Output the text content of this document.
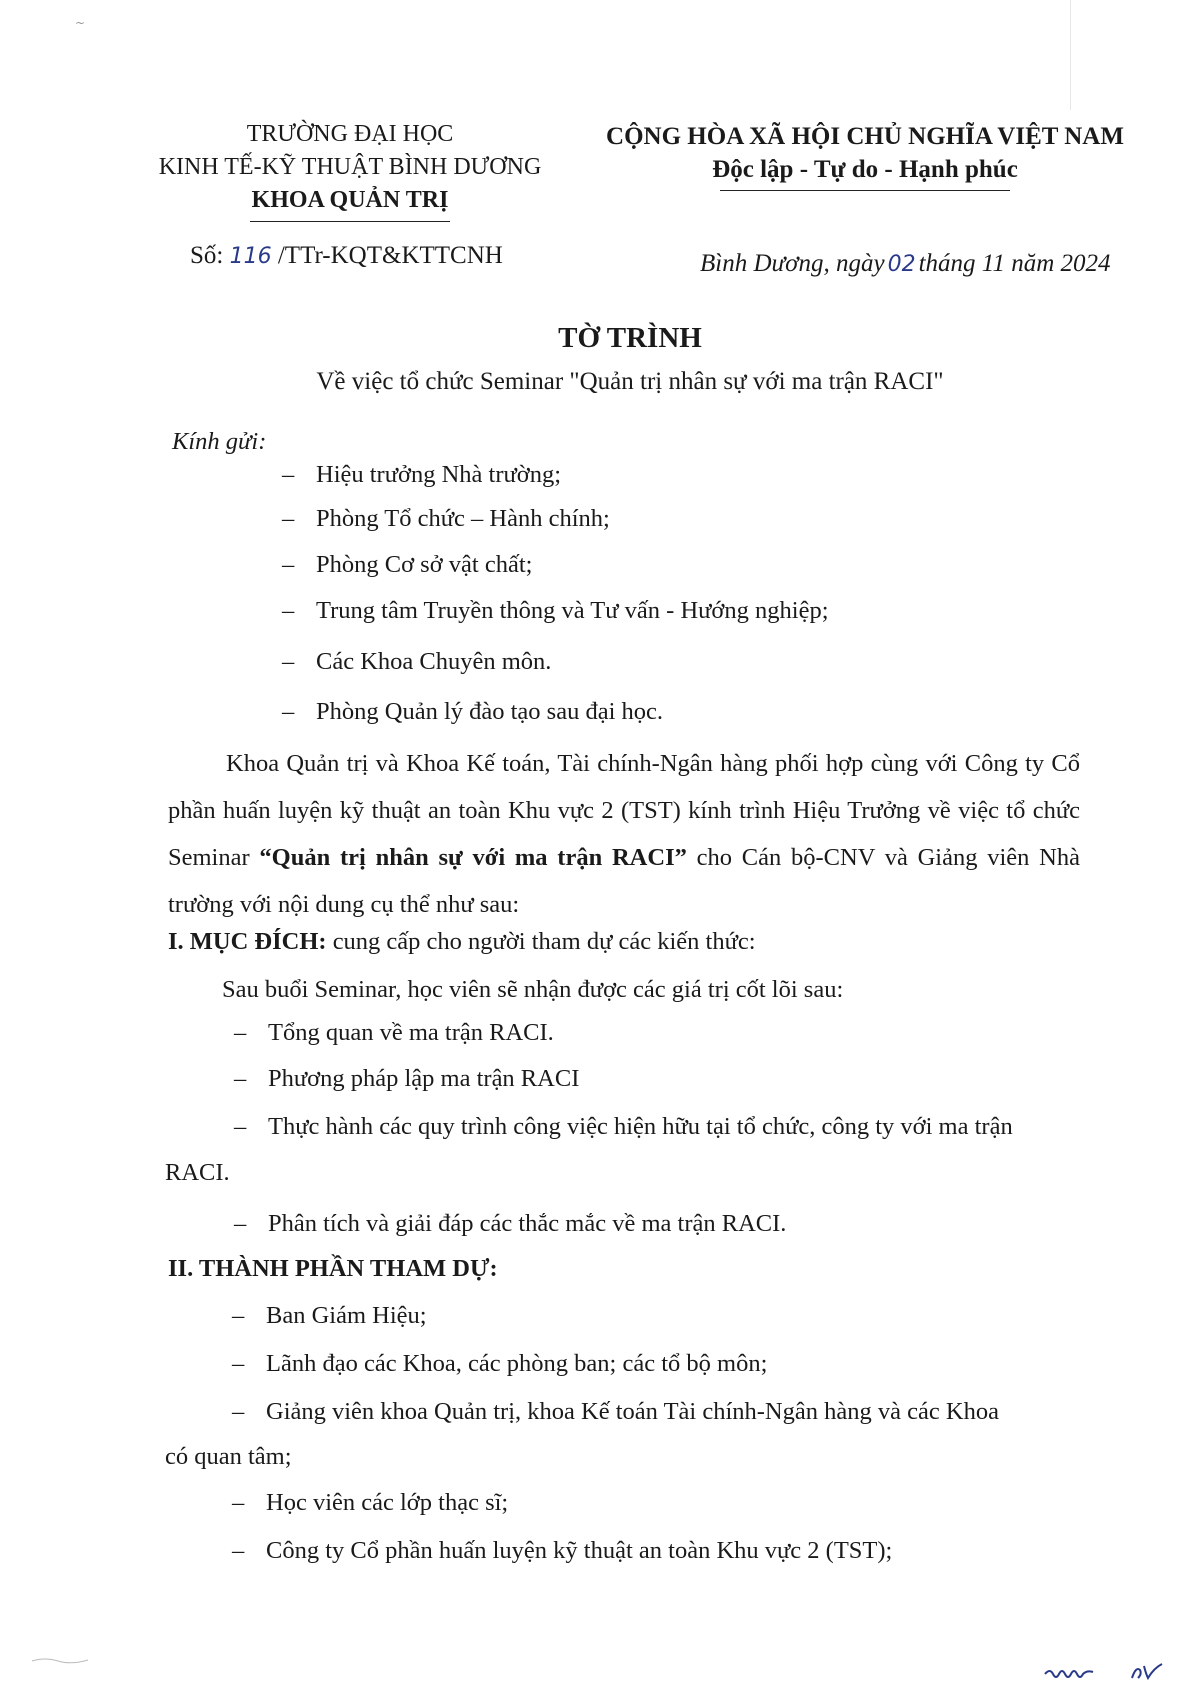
~
TRƯỜNG ĐẠI HỌC
KINH TẾ-KỸ THUẬT BÌNH DƯƠNG
KHOA QUẢN TRỊ
CỘNG HÒA XÃ HỘI CHỦ NGHĨA VIỆT NAM
Độc lập - Tự do - Hạnh phúc
Số: 116 /TTr-KQT&KTTCNH	Bình Dương, ngày 02 tháng 11 năm 2024
TỜ TRÌNH
Về việc tổ chức Seminar "Quản trị nhân sự với ma trận RACI"
Kính gửi:
– Hiệu trưởng Nhà trường;
– Phòng Tổ chức – Hành chính;
– Phòng Cơ sở vật chất;
– Trung tâm Truyền thông và Tư vấn - Hướng nghiệp;
– Các Khoa Chuyên môn.
– Phòng Quản lý đào tạo sau đại học.
Khoa Quản trị và Khoa Kế toán, Tài chính-Ngân hàng phối hợp cùng với Công ty Cổ phần huấn luyện kỹ thuật an toàn Khu vực 2 (TST) kính trình Hiệu Trưởng về việc tổ chức Seminar “Quản trị nhân sự với ma trận RACI” cho Cán bộ-CNV và Giảng viên Nhà trường với nội dung cụ thể như sau:
I. MỤC ĐÍCH: cung cấp cho người tham dự các kiến thức:
Sau buổi Seminar, học viên sẽ nhận được các giá trị cốt lõi sau:
– Tổng quan về ma trận RACI.
– Phương pháp lập ma trận RACI
– Thực hành các quy trình công việc hiện hữu tại tổ chức, công ty với ma trận
RACI.
– Phân tích và giải đáp các thắc mắc về ma trận RACI.
II. THÀNH PHẦN THAM DỰ:
– Ban Giám Hiệu;
– Lãnh đạo các Khoa, các phòng ban; các tổ bộ môn;
– Giảng viên khoa Quản trị, khoa Kế toán Tài chính-Ngân hàng và các Khoa
có quan tâm;
– Học viên các lớp thạc sĩ;
– Công ty Cổ phần huấn luyện kỹ thuật an toàn Khu vực 2 (TST);
